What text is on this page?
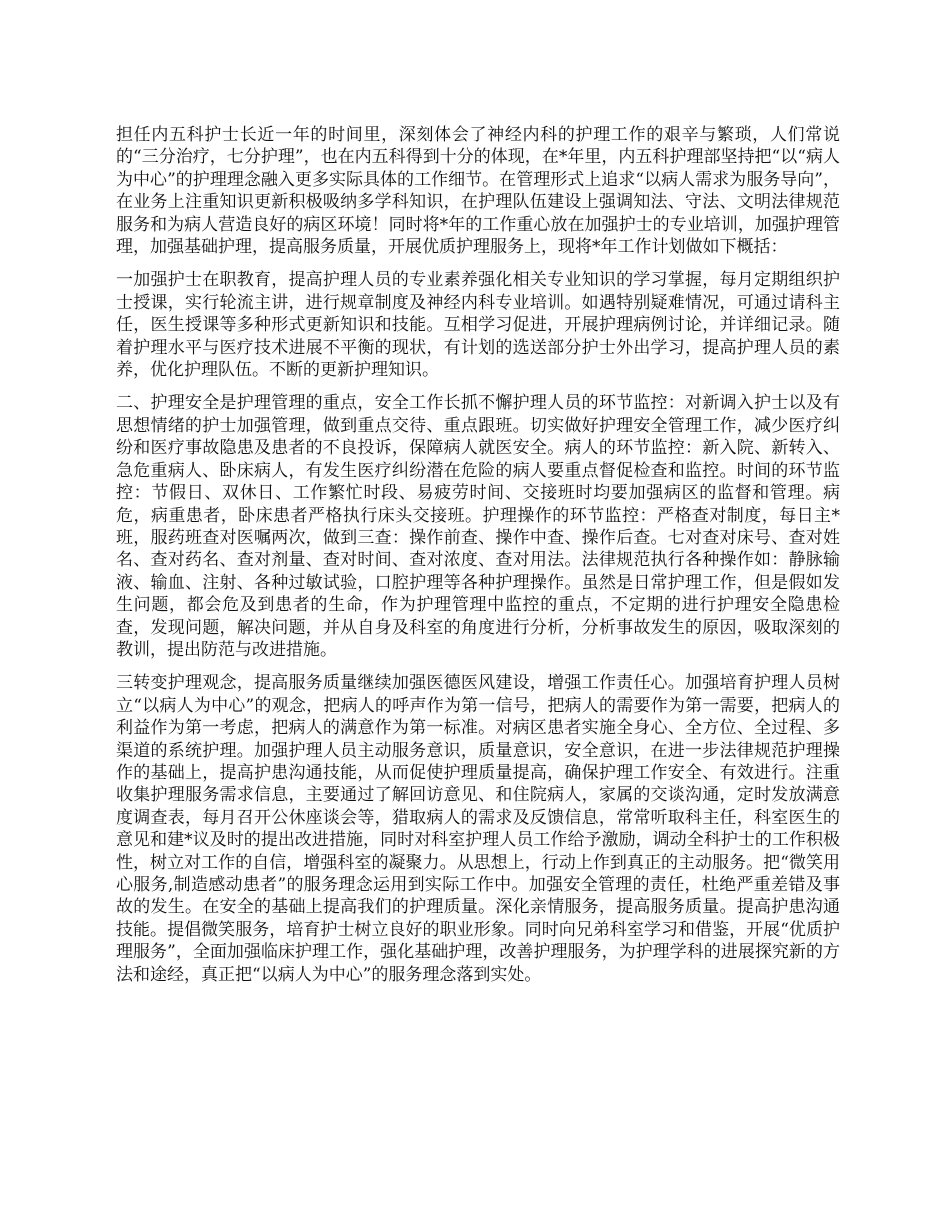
担任内五科护士长近一年的时间里，深刻体会了神经内科的护理工作的艰辛与繁琐，人们常说的“三分治疗，七分护理”，也在内五科得到十分的体现，在*年里，内五科护理部坚持把“以“病人为中心”的护理理念融入更多实际具体的工作细节。在管理形式上追求“以病人需求为服务导向”，在业务上注重知识更新积极吸纳多学科知识，在护理队伍建设上强调知法、守法、文明法律规范服务和为病人营造良好的病区环境！同时将*年的工作重心放在加强护士的专业培训，加强护理管理，加强基础护理，提高服务质量，开展优质护理服务上，现将*年工作计划做如下概括：

一加强护士在职教育，提高护理人员的专业素养强化相关专业知识的学习掌握，每月定期组织护士授课，实行轮流主讲，进行规章制度及神经内科专业培训。如遇特别疑难情况，可通过请科主任，医生授课等多种形式更新知识和技能。互相学习促进，开展护理病例讨论，并详细记录。随着护理水平与医疗技术进展不平衡的现状，有计划的选送部分护士外出学习，提高护理人员的素养，优化护理队伍。不断的更新护理知识。

二、护理安全是护理管理的重点，安全工作长抓不懈护理人员的环节监控：对新调入护士以及有思想情绪的护士加强管理，做到重点交待、重点跟班。切实做好护理安全管理工作，减少医疗纠纷和医疗事故隐患及患者的不良投诉，保障病人就医安全。病人的环节监控：新入院、新转入、急危重病人、卧床病人，有发生医疗纠纷潜在危险的病人要重点督促检查和监控。时间的环节监控：节假日、双休日、工作繁忙时段、易疲劳时间、交接班时均要加强病区的监督和管理。病危，病重患者，卧床患者严格执行床头交接班。护理操作的环节监控：严格查对制度，每日主*班，服药班查对医嘱两次，做到三查：操作前查、操作中查、操作后查。七对查对床号、查对姓名、查对药名、查对剂量、查对时间、查对浓度、查对用法。法律规范执行各种操作如：静脉输液、输血、注射、各种过敏试验，口腔护理等各种护理操作。虽然是日常护理工作，但是假如发生问题，都会危及到患者的生命，作为护理管理中监控的重点，不定期的进行护理安全隐患检查，发现问题，解决问题，并从自身及科室的角度进行分析，分析事故发生的原因，吸取深刻的教训，提出防范与改进措施。

三转变护理观念，提高服务质量继续加强医德医风建设，增强工作责任心。加强培育护理人员树立“以病人为中心”的观念，把病人的呼声作为第一信号，把病人的需要作为第一需要，把病人的利益作为第一考虑，把病人的满意作为第一标准。对病区患者实施全身心、全方位、全过程、多渠道的系统护理。加强护理人员主动服务意识，质量意识，安全意识，在进一步法律规范护理操作的基础上，提高护患沟通技能，从而促使护理质量提高，确保护理工作安全、有效进行。注重收集护理服务需求信息，主要通过了解回访意见、和住院病人，家属的交谈沟通，定时发放满意度调查表，每月召开公休座谈会等，猎取病人的需求及反馈信息，常常听取科主任，科室医生的意见和建*议及时的提出改进措施，同时对科室护理人员工作给予激励，调动全科护士的工作积极性，树立对工作的自信，增强科室的凝聚力。从思想上，行动上作到真正的主动服务。把“微笑用心服务,制造感动患者”的服务理念运用到实际工作中。加强安全管理的责任，杜绝严重差错及事故的发生。在安全的基础上提高我们的护理质量。深化亲情服务，提高服务质量。提高护患沟通技能。提倡微笑服务，培育护士树立良好的职业形象。同时向兄弟科室学习和借鉴，开展“优质护理服务”，全面加强临床护理工作，强化基础护理，改善护理服务，为护理学科的进展探究新的方法和途经，真正把“以病人为中心”的服务理念落到实处。
